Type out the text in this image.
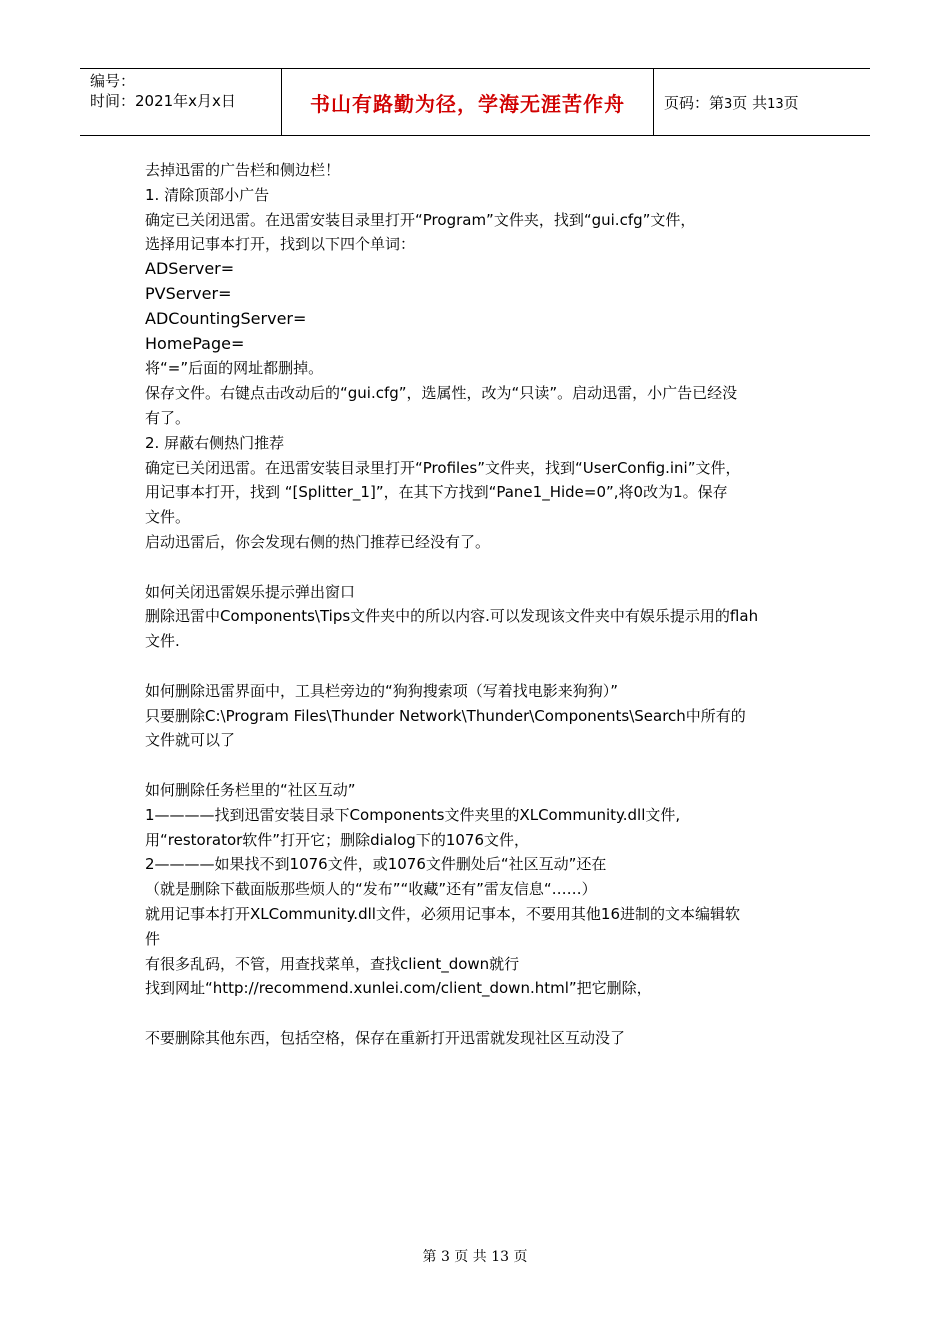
编号：
时间：2021年x月x日	书山有路勤为径，学海无涯苦作舟	页码：第3页 共13页
去掉迅雷的广告栏和侧边栏！
1. 清除顶部小广告
确定已关闭迅雷。在迅雷安装目录里打开“Program”文件夹，找到“gui.cfg”文件，
选择用记事本打开，找到以下四个单词：
ADServer=
PVServer=
ADCountingServer=
HomePage=
将“=”后面的网址都删掉。
保存文件。右键点击改动后的“gui.cfg”，选属性，改为“只读”。启动迅雷，小广告已经没
有了。
2. 屏蔽右侧热门推荐
确定已关闭迅雷。在迅雷安装目录里打开“Profiles”文件夹，找到“UserConfig.ini”文件，
用记事本打开，找到 “[Splitter_1]”，在其下方找到“Pane1_Hide=0”,将0改为1。保存
文件。
启动迅雷后，你会发现右侧的热门推荐已经没有了。
如何关闭迅雷娱乐提示弹出窗口
删除迅雷中Components\Tips文件夹中的所以内容.可以发现该文件夹中有娱乐提示用的flah
文件.
如何删除迅雷界面中，工具栏旁边的“狗狗搜索项（写着找电影来狗狗）”
只要删除C:\Program Files\Thunder Network\Thunder\Components\Search中所有的
文件就可以了
如何删除任务栏里的“社区互动”
1————找到迅雷安装目录下Components文件夹里的XLCommunity.dll文件,
用“restorator软件”打开它；删除dialog下的1076文件，
2————如果找不到1076文件，或1076文件删处后“社区互动”还在
（就是删除下截面版那些烦人的“发布”“收藏”还有”雷友信息“……）
就用记事本打开XLCommunity.dll文件，必须用记事本，不要用其他16进制的文本编辑软
件
有很多乱码，不管，用查找菜单，查找client_down就行
找到网址“http://recommend.xunlei.com/client_down.html”把它删除，
不要删除其他东西，包括空格，保存在重新打开迅雷就发现社区互动没了
第 3 页 共 13 页
